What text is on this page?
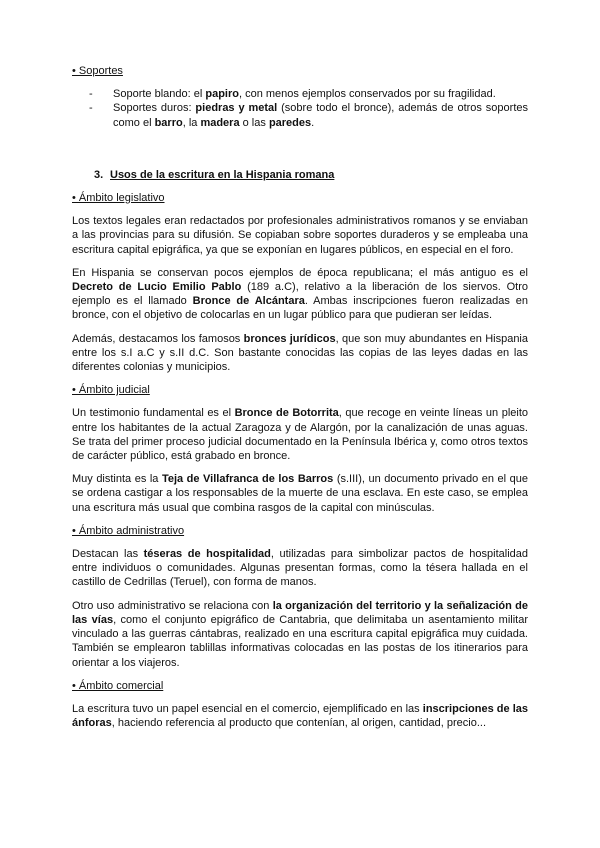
• Soportes
- Soporte blando: el papiro, con menos ejemplos conservados por su fragilidad.
- Soportes duros: piedras y metal (sobre todo el bronce), además de otros soportes como el barro, la madera o las paredes.
3. Usos de la escritura en la Hispania romana
• Ámbito legislativo

Los textos legales eran redactados por profesionales administrativos romanos y se enviaban a las provincias para su difusión. Se copiaban sobre soportes duraderos y se empleaba una escritura capital epigráfica, ya que se exponían en lugares públicos, en especial en el foro.

En Hispania se conservan pocos ejemplos de época republicana; el más antiguo es el Decreto de Lucio Emilio Pablo (189 a.C), relativo a la liberación de los siervos. Otro ejemplo es el llamado Bronce de Alcántara. Ambas inscripciones fueron realizadas en bronce, con el objetivo de colocarlas en un lugar público para que pudieran ser leídas.

Además, destacamos los famosos bronces jurídicos, que son muy abundantes en Hispania entre los s.I a.C y s.II d.C. Son bastante conocidas las copias de las leyes dadas en las diferentes colonias y municipios.

• Ámbito judicial

Un testimonio fundamental es el Bronce de Botorrita, que recoge en veinte líneas un pleito entre los habitantes de la actual Zaragoza y de Alargón, por la canalización de unas aguas. Se trata del primer proceso judicial documentado en la Península Ibérica y, como otros textos de carácter público, está grabado en bronce.

Muy distinta es la Teja de Villafranca de los Barros (s.III), un documento privado en el que se ordena castigar a los responsables de la muerte de una esclava. En este caso, se emplea una escritura más usual que combina rasgos de la capital con minúsculas.

• Ámbito administrativo

Destacan las téseras de hospitalidad, utilizadas para simbolizar pactos de hospitalidad entre individuos o comunidades. Algunas presentan formas, como la tésera hallada en el castillo de Cedrillas (Teruel), con forma de manos.

Otro uso administrativo se relaciona con la organización del territorio y la señalización de las vías, como el conjunto epigráfico de Cantabria, que delimitaba un asentamiento militar vinculado a las guerras cántabras, realizado en una escritura capital epigráfica muy cuidada. También se emplearon tablillas informativas colocadas en las postas de los itinerarios para orientar a los viajeros.

• Ámbito comercial

La escritura tuvo un papel esencial en el comercio, ejemplificado en las inscripciones de las ánforas, haciendo referencia al producto que contenían, al origen, cantidad, precio...
